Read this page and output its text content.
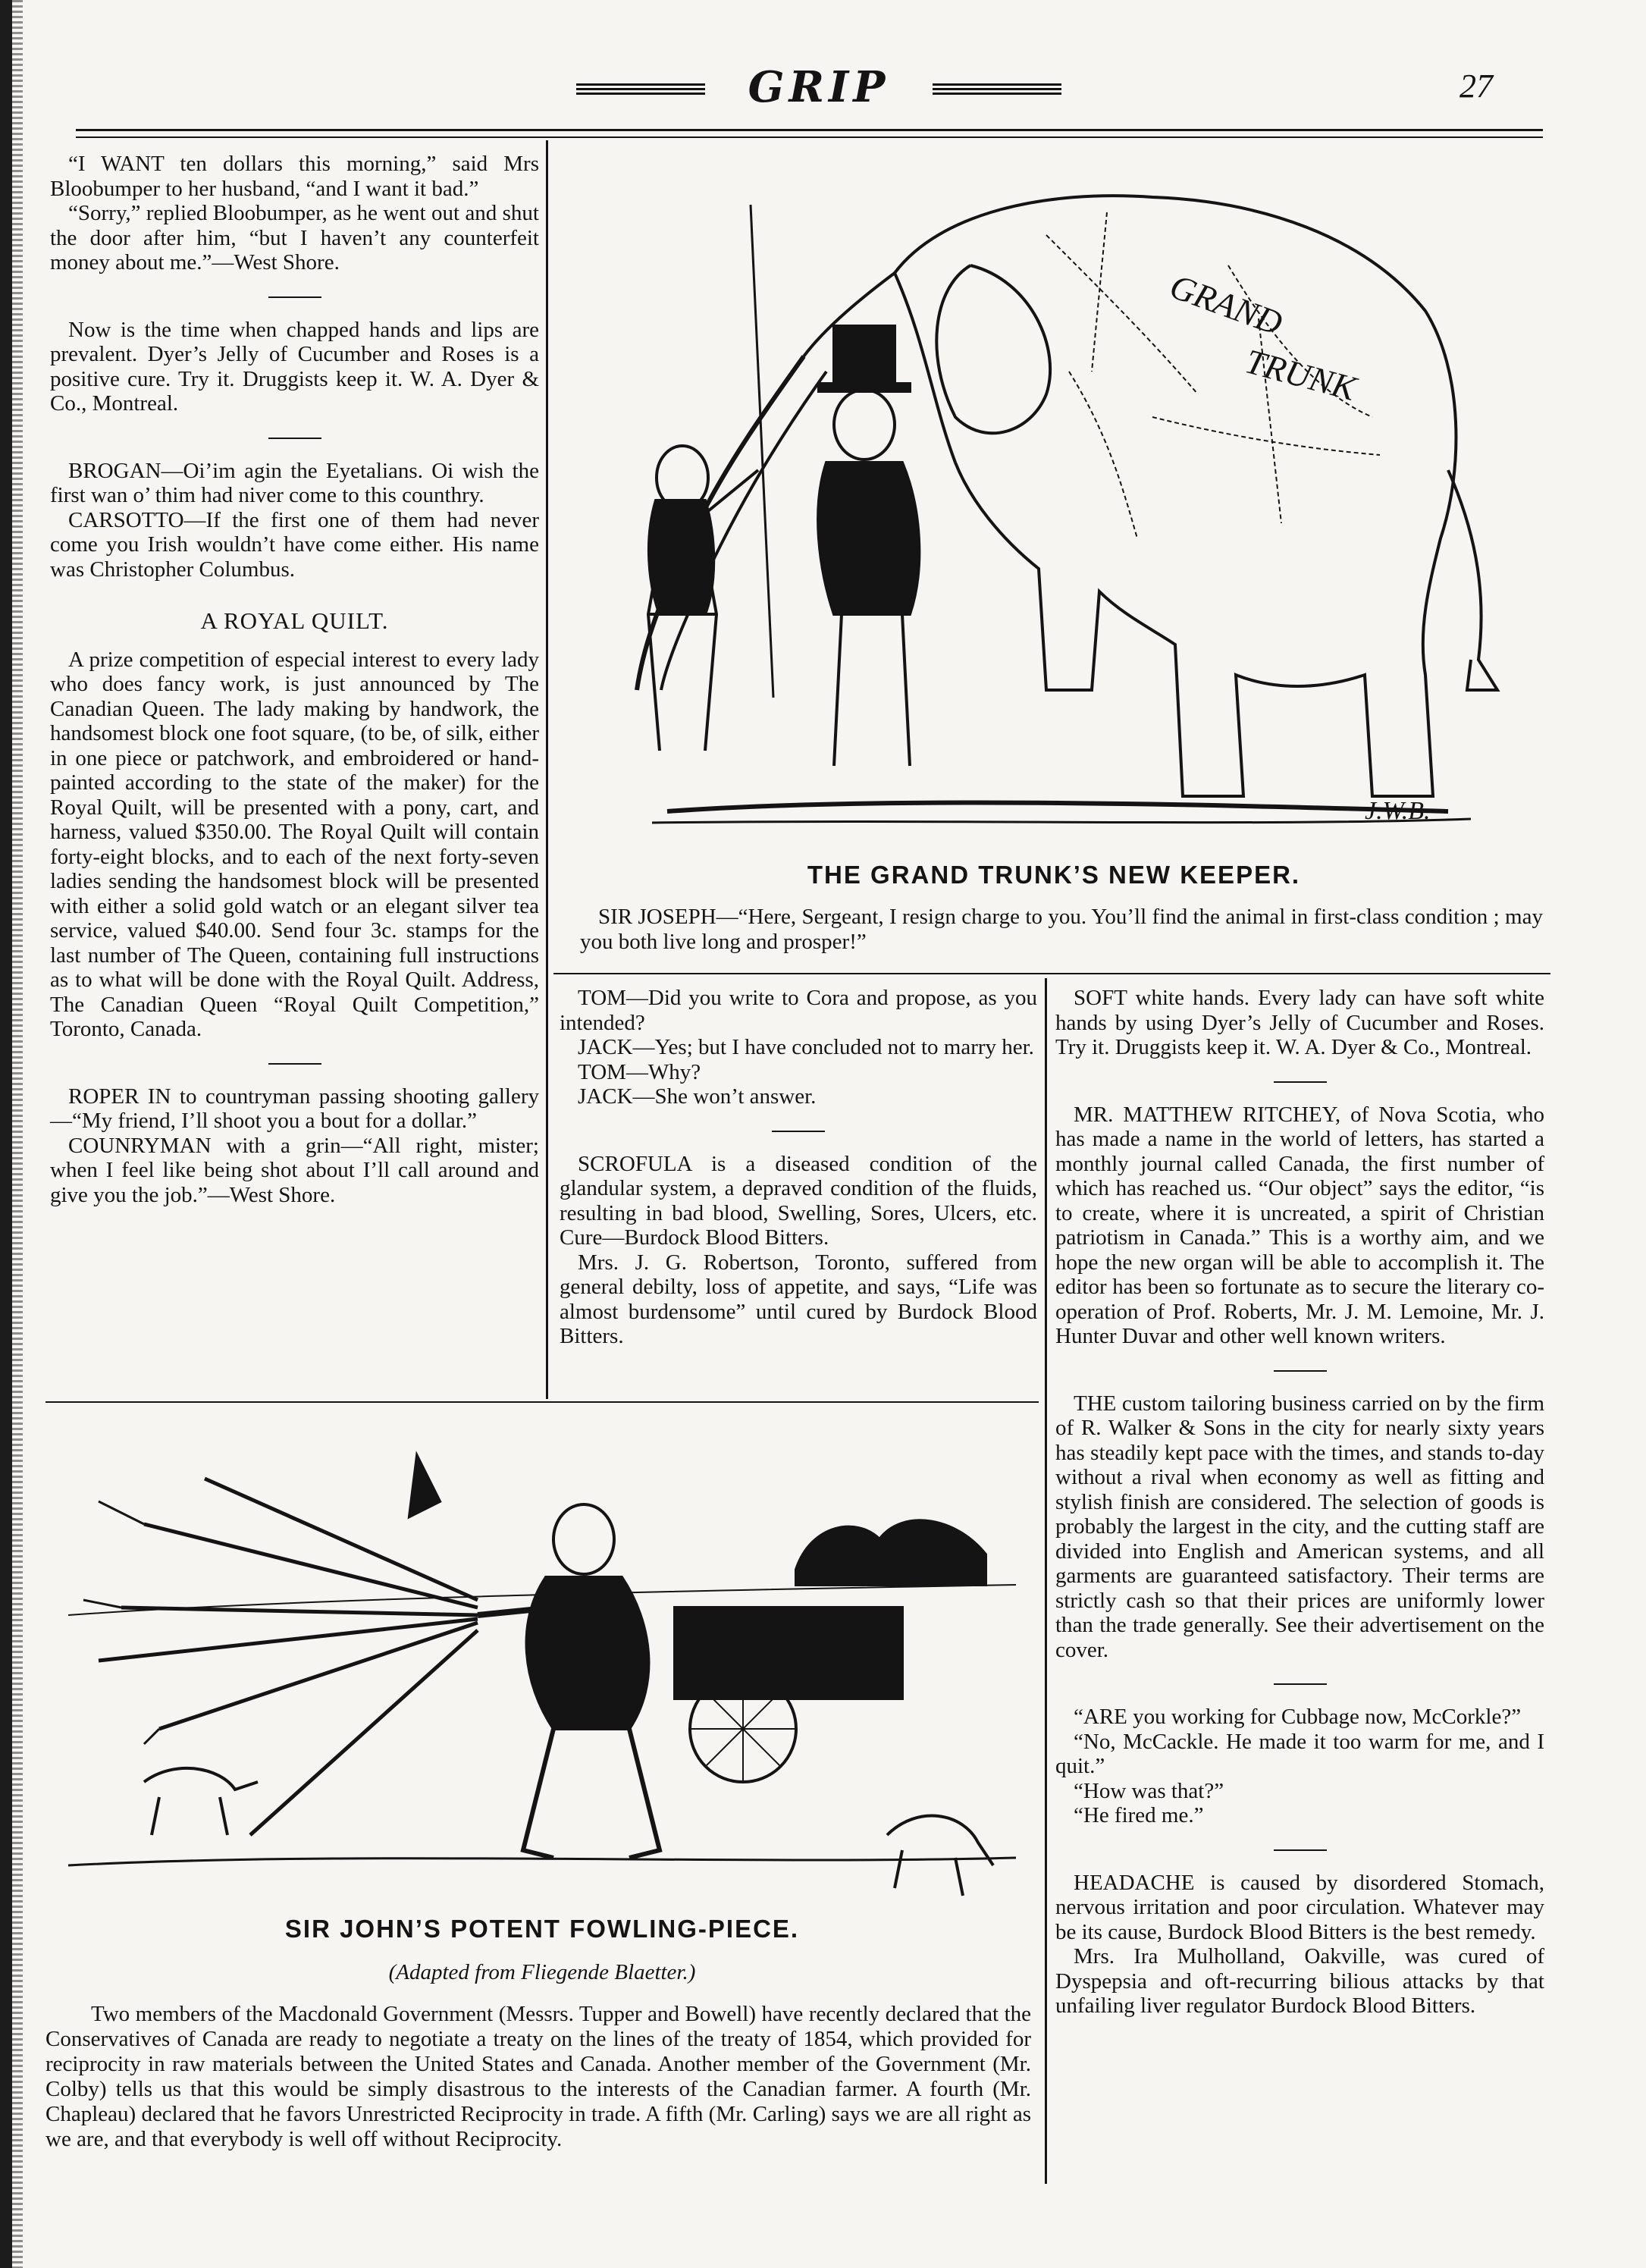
GRIP	27

“I WANT ten dollars this morning,” said Mrs Bloobumper to her husband, “and I want it bad.”

“Sorry,” replied Bloobumper, as he went out and shut the door after him, “but I haven’t any counterfeit money about me.”—West Shore.

Now is the time when chapped hands and lips are prevalent. Dyer’s Jelly of Cucumber and Roses is a positive cure. Try it. Druggists keep it. W. A. Dyer & Co., Montreal.

BROGAN—Oi’im agin the Eyetalians. Oi wish the first wan o’ thim had niver come to this counthry.

CARSOTTO—If the first one of them had never come you Irish wouldn’t have come either. His name was Christopher Columbus.

A ROYAL QUILT.

A prize competition of especial interest to every lady who does fancy work, is just announced by The Canadian Queen. The lady making by handwork, the handsomest block one foot square, (to be, of silk, either in one piece or patchwork, and embroidered or hand-painted according to the state of the maker) for the Royal Quilt, will be presented with a pony, cart, and harness, valued $350.00. The Royal Quilt will contain forty-eight blocks, and to each of the next forty-seven ladies sending the handsomest block will be presented with either a solid gold watch or an elegant silver tea service, valued $40.00. Send four 3c. stamps for the last number of The Queen, containing full instructions as to what will be done with the Royal Quilt. Address, The Canadian Queen “Royal Quilt Competition,” Toronto, Canada.

ROPER IN to countryman passing shooting gallery—“My friend, I’ll shoot you a bout for a dollar.”

COUNRYMAN with a grin—“All right, mister; when I feel like being shot about I’ll call around and give you the job.”—West Shore.

GRAND
TRUNK
J.W.B.
THE GRAND TRUNK’S NEW KEEPER.
SIR JOSEPH—“Here, Sergeant, I resign charge to you. You’ll find the animal in first-class condition ; may you both live long and prosper!”

TOM—Did you write to Cora and propose, as you intended?

JACK—Yes; but I have concluded not to marry her.

TOM—Why?

JACK—She won’t answer.

SCROFULA is a diseased condition of the glandular system, a depraved condition of the fluids, resulting in bad blood, Swelling, Sores, Ulcers, etc. Cure—Burdock Blood Bitters.

Mrs. J. G. Robertson, Toronto, suffered from general debilty, loss of appetite, and says, “Life was almost burdensome” until cured by Burdock Blood Bitters.

SOFT white hands. Every lady can have soft white hands by using Dyer’s Jelly of Cucumber and Roses. Try it. Druggists keep it. W. A. Dyer & Co., Montreal.

MR. MATTHEW RITCHEY, of Nova Scotia, who has made a name in the world of letters, has started a monthly journal called Canada, the first number of which has reached us. “Our object” says the editor, “is to create, where it is uncreated, a spirit of Christian patriotism in Canada.” This is a worthy aim, and we hope the new organ will be able to accomplish it. The editor has been so fortunate as to secure the literary co-operation of Prof. Roberts, Mr. J. M. Lemoine, Mr. J. Hunter Duvar and other well known writers.

THE custom tailoring business carried on by the firm of R. Walker & Sons in the city for nearly sixty years has steadily kept pace with the times, and stands to-day without a rival when economy as well as fitting and stylish finish are considered. The selection of goods is probably the largest in the city, and the cutting staff are divided into English and American systems, and all garments are guaranteed satisfactory. Their terms are strictly cash so that their prices are uniformly lower than the trade generally. See their advertisement on the cover.

“ARE you working for Cubbage now, McCorkle?”

“No, McCackle. He made it too warm for me, and I quit.”

“How was that?”

“He fired me.”

HEADACHE is caused by disordered Stomach, nervous irritation and poor circulation. Whatever may be its cause, Burdock Blood Bitters is the best remedy.

Mrs. Ira Mulholland, Oakville, was cured of Dyspepsia and oft-recurring bilious attacks by that unfailing liver regulator Burdock Blood Bitters.

SIR JOHN’S POTENT FOWLING-PIECE.
(Adapted from Fliegende Blaetter.)
Two members of the Macdonald Government (Messrs. Tupper and Bowell) have recently declared that the Conservatives of Canada are ready to negotiate a treaty on the lines of the treaty of 1854, which provided for reciprocity in raw materials between the United States and Canada. Another member of the Government (Mr. Colby) tells us that this would be simply disastrous to the interests of the Canadian farmer. A fourth (Mr. Chapleau) declared that he favors Unrestricted Reciprocity in trade. A fifth (Mr. Carling) says we are all right as we are, and that everybody is well off without Reciprocity.
